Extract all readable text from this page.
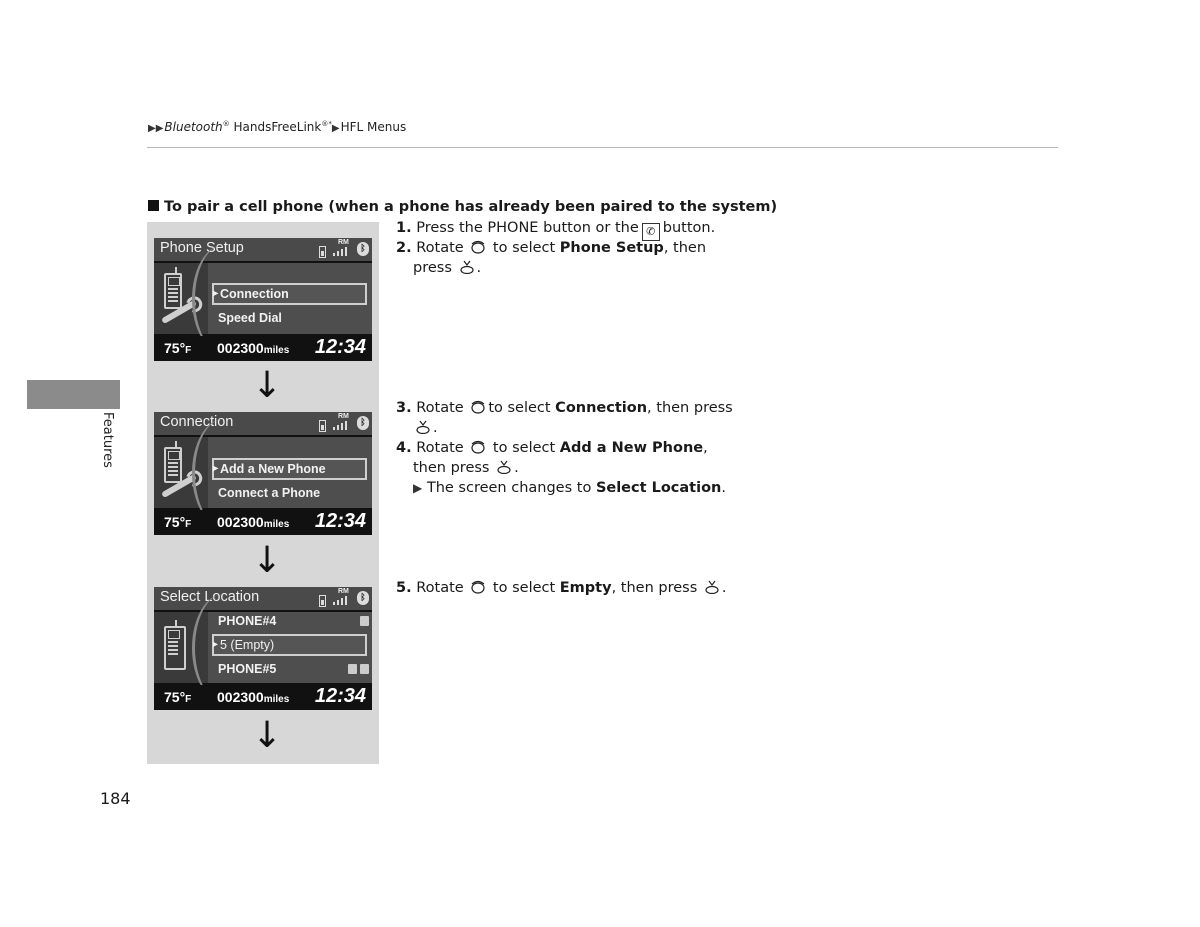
▶▶Bluetooth® HandsFreeLink®*▶HFL Menus
To pair a cell phone (when a phone has already been paired to the system)
Phone Setup	RM
ᛒ
▸ Connection
Speed Dial
75°F 002300miles 12:34
↓
Connection	RM
ᛒ
▸ Add a New Phone
Connect a Phone
75°F 002300miles 12:34
↓
Select Location	RM
ᛒ
PHONE#4
▸ 5 (Empty)
PHONE#5
75°F 002300miles 12:34
↓
1. Press the PHONE button or the ✆ button.
2. Rotate to select Phone Setup, then
press .
3. Rotate to select Connection, then press
.
4. Rotate to select Add a New Phone,
then press .
▶ The screen changes to Select Location.
5. Rotate to select Empty, then press .
Features
184
